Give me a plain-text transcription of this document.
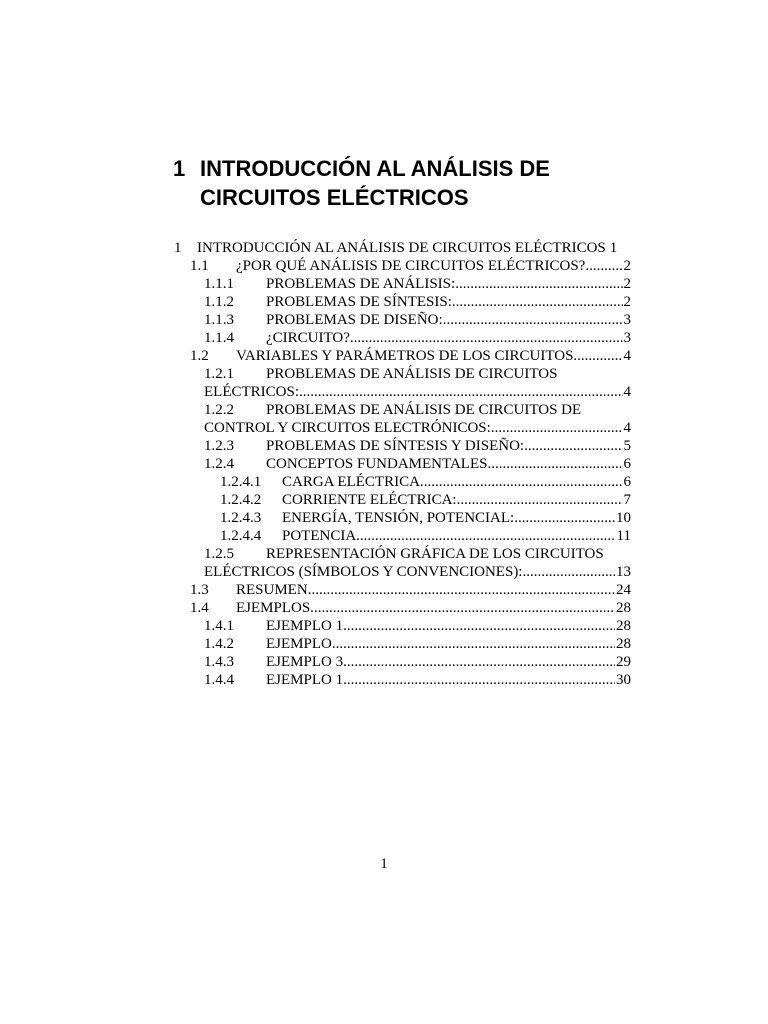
1 INTRODUCCIÓN AL ANÁLISIS DE CIRCUITOS ELÉCTRICOS
1	INTRODUCCIÓN AL ANÁLISIS DE CIRCUITOS ELÉCTRICOS 1
1.1	¿POR QUÉ ANÁLISIS DE CIRCUITOS ELÉCTRICOS? .....	2
1.1.1	PROBLEMAS DE ANÁLISIS: .....	2
1.1.2	PROBLEMAS DE SÍNTESIS: .....	2
1.1.3	PROBLEMAS DE DISEÑO: .....	3
1.1.4	¿CIRCUITO? .....	3
1.2	VARIABLES Y PARÁMETROS DE LOS CIRCUITOS. .....	4
1.2.1	PROBLEMAS DE ANÁLISIS DE CIRCUITOS
ELÉCTRICOS: .....	4
1.2.2	PROBLEMAS DE ANÁLISIS DE CIRCUITOS DE
CONTROL Y CIRCUITOS ELECTRÓNICOS: .....	4
1.2.3	PROBLEMAS DE SÍNTESIS Y DISEÑO: .....	5
1.2.4	CONCEPTOS FUNDAMENTALES .....	6
1.2.4.1	CARGA ELÉCTRICA. .....	6
1.2.4.2	CORRIENTE ELÉCTRICA: .....	7
1.2.4.3	ENERGÍA, TENSIÓN, POTENCIAL: .....	10
1.2.4.4	POTENCIA .....	11
1.2.5	REPRESENTACIÓN GRÁFICA DE LOS CIRCUITOS
ELÉCTRICOS (SÍMBOLOS Y CONVENCIONES): .....	13
1.3	RESUMEN .....	24
1.4	EJEMPLOS. .....	28
1.4.1	EJEMPLO 1 .....	28
1.4.2	EJEMPLO .....	28
1.4.3	EJEMPLO 3 .....	29
1.4.4	EJEMPLO 1 .....	30
1
